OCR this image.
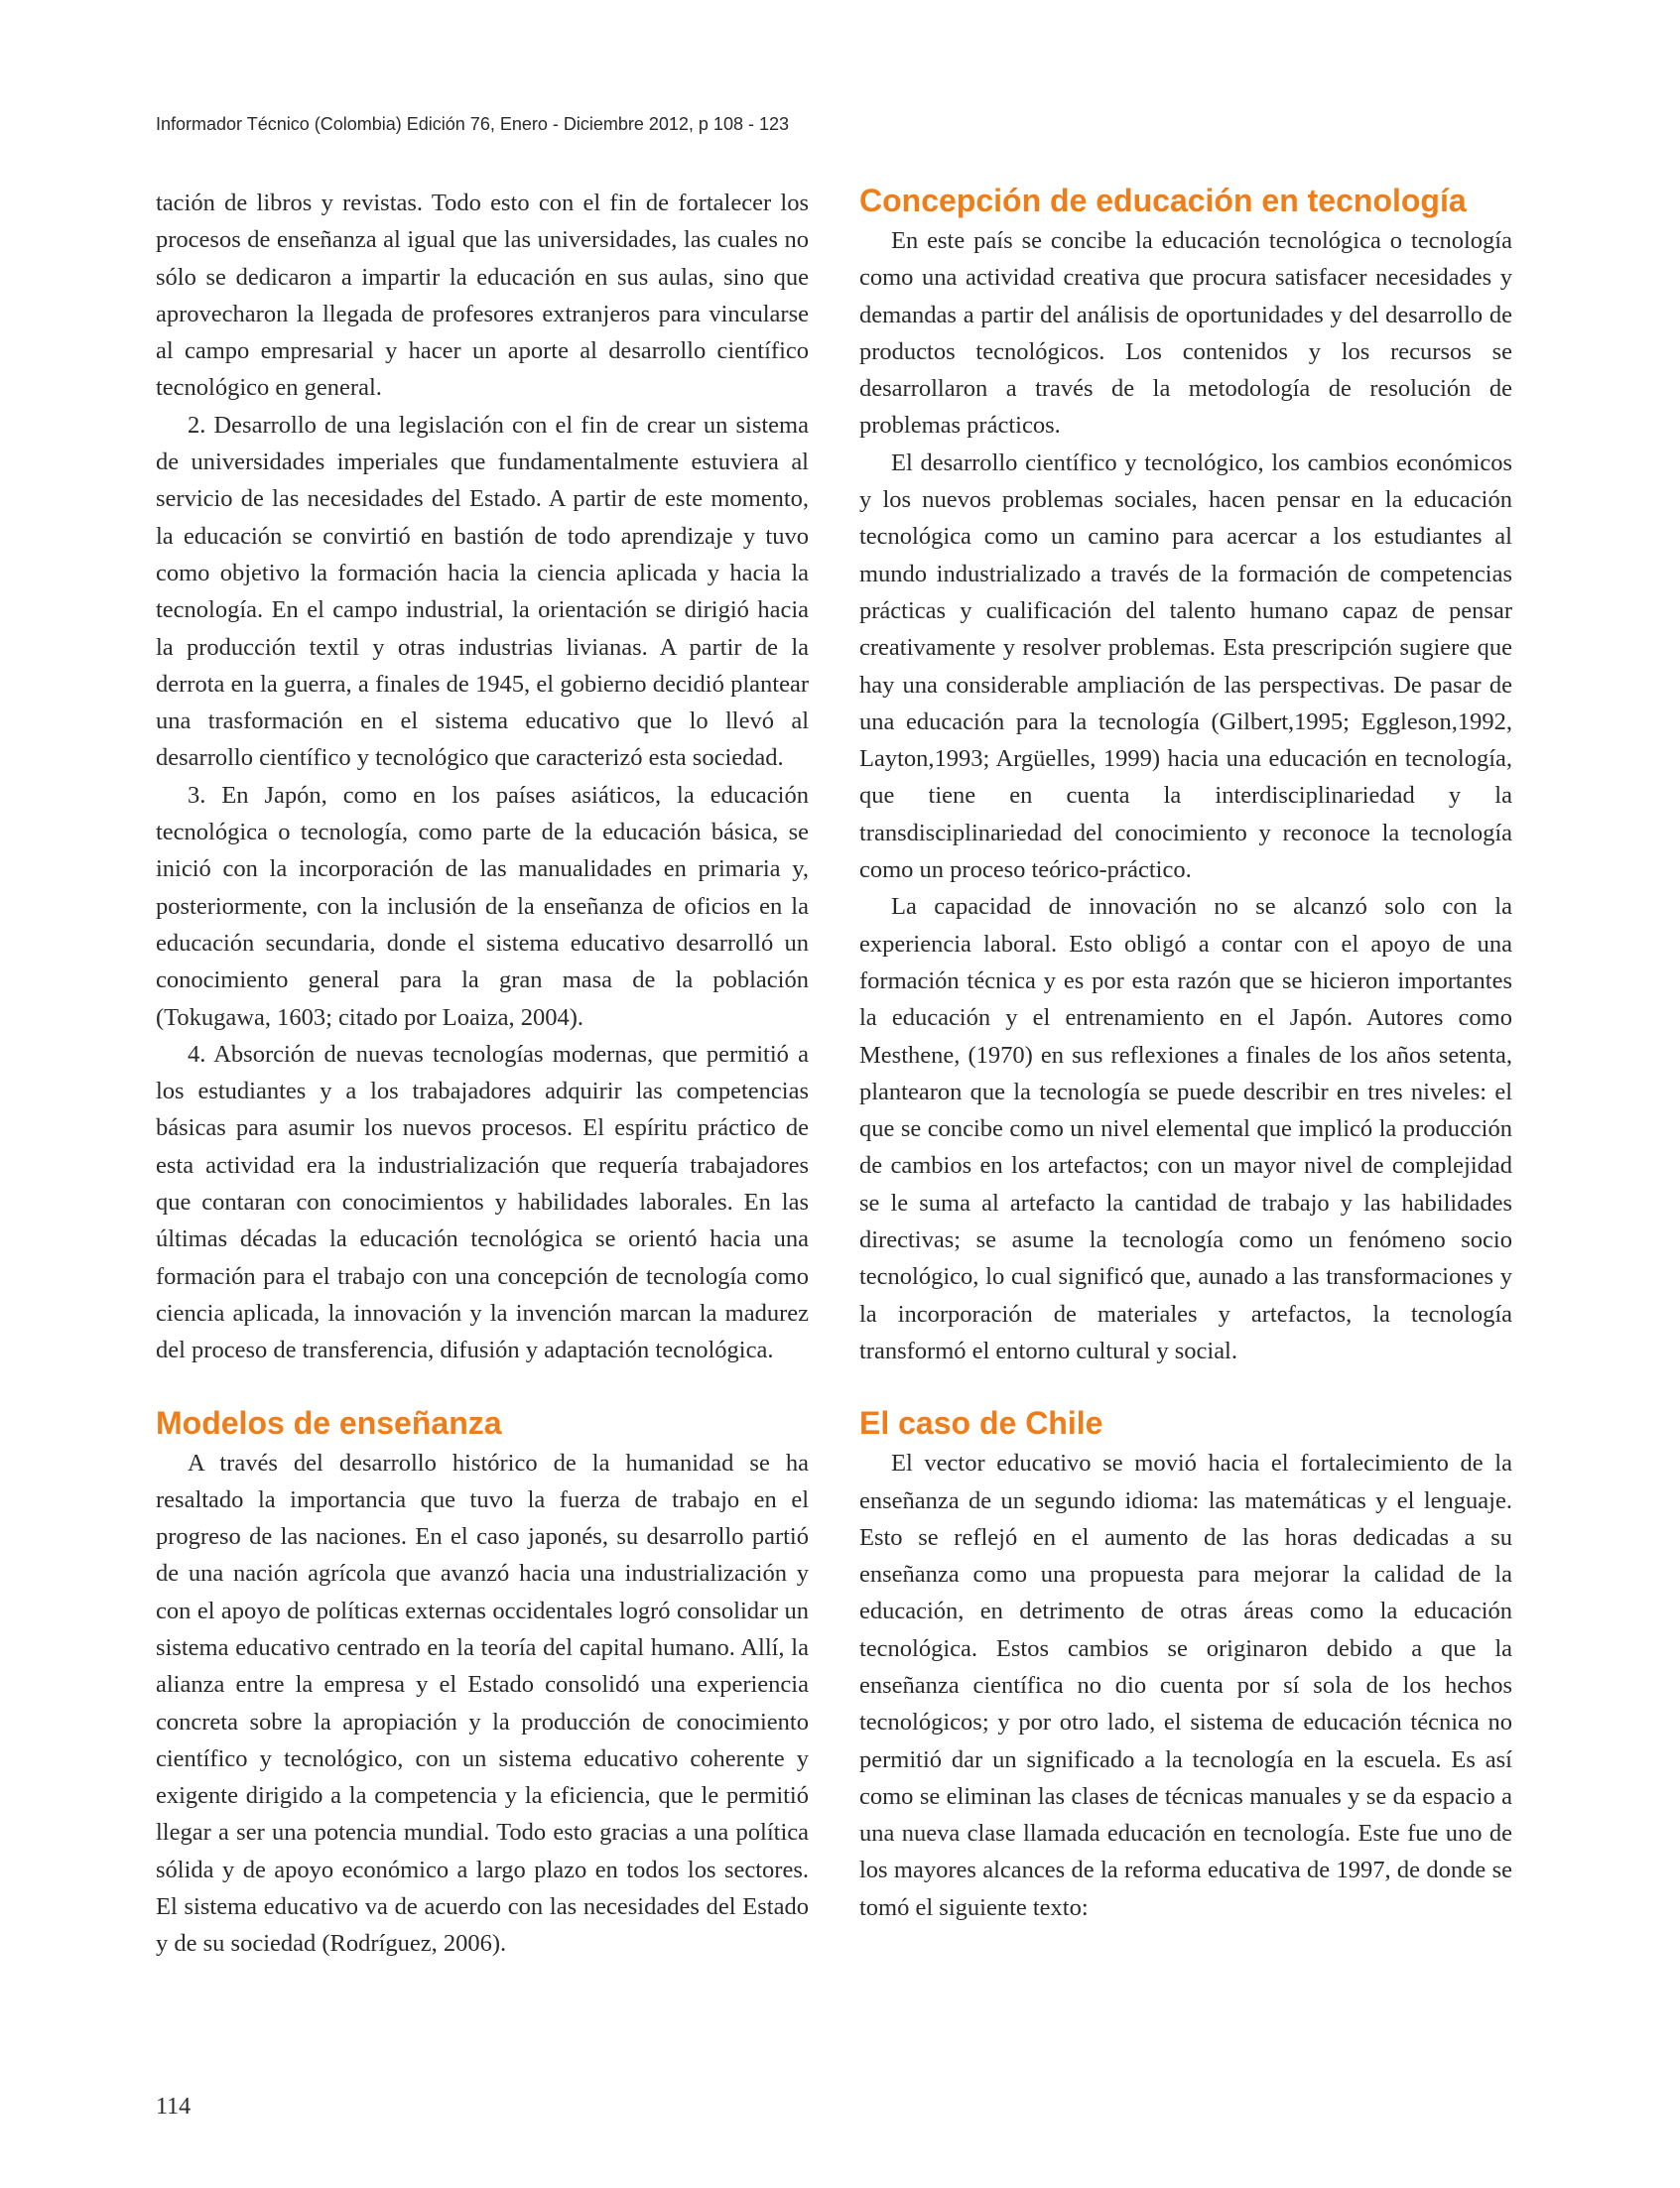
Informador Técnico (Colombia) Edición 76, Enero - Diciembre 2012, p 108 - 123

tación de libros y revistas. Todo esto con el fin de fortalecer los procesos de enseñanza al igual que las universidades, las cuales no sólo se dedicaron a impartir la educación en sus aulas, sino que aprovecharon la llegada de profesores extranjeros para vincularse al campo empresarial y hacer un aporte al desarrollo científico tecnológico en general.

2. Desarrollo de una legislación con el fin de crear un sistema de universidades imperiales que fundamentalmente estuviera al servicio de las necesidades del Estado. A partir de este momento, la educación se convirtió en bastión de todo aprendizaje y tuvo como objetivo la formación hacia la ciencia aplicada y hacia la tecnología. En el campo industrial, la orientación se dirigió hacia la producción textil y otras industrias livianas. A partir de la derrota en la guerra, a finales de 1945, el gobierno decidió plantear una trasformación en el sistema educativo que lo llevó al desarrollo científico y tecnológico que caracterizó esta sociedad.

3. En Japón, como en los países asiáticos, la educación tecnológica o tecnología, como parte de la educación básica, se inició con la incorporación de las manualidades en primaria y, posteriormente, con la inclusión de la enseñanza de oficios en la educación secundaria, donde el sistema educativo desarrolló un conocimiento general para la gran masa de la población (Tokugawa, 1603; citado por Loaiza, 2004).

4. Absorción de nuevas tecnologías modernas, que permitió a los estudiantes y a los trabajadores adquirir las competencias básicas para asumir los nuevos procesos. El espíritu práctico de esta actividad era la industrialización que requería trabajadores que contaran con conocimientos y habilidades laborales. En las últimas décadas la educación tecnológica se orientó hacia una formación para el trabajo con una concepción de tecnología como ciencia aplicada, la innovación y la invención marcan la madurez del proceso de transferencia, difusión y adaptación tecnológica.

Modelos de enseñanza

A través del desarrollo histórico de la humanidad se ha resaltado la importancia que tuvo la fuerza de trabajo en el progreso de las naciones. En el caso japonés, su desarrollo partió de una nación agrícola que avanzó hacia una industrialización y con el apoyo de políticas externas occidentales logró consolidar un sistema educativo centrado en la teoría del capital humano. Allí, la alianza entre la empresa y el Estado consolidó una experiencia concreta sobre la apropiación y la producción de conocimiento científico y tecnológico, con un sistema educativo coherente y exigente dirigido a la competencia y la eficiencia, que le permitió llegar a ser una potencia mundial. Todo esto gracias a una política sólida y de apoyo económico a largo plazo en todos los sectores. El sistema educativo va de acuerdo con las necesidades del Estado y de su sociedad (Rodríguez, 2006).

Concepción de educación en tecnología

En este país se concibe la educación tecnológica o tecnología como una actividad creativa que procura satisfacer necesidades y demandas a partir del análisis de oportunidades y del desarrollo de productos tecnológicos. Los contenidos y los recursos se desarrollaron a través de la metodología de resolución de problemas prácticos.

El desarrollo científico y tecnológico, los cambios económicos y los nuevos problemas sociales, hacen pensar en la educación tecnológica como un camino para acercar a los estudiantes al mundo industrializado a través de la formación de competencias prácticas y cualificación del talento humano capaz de pensar creativamente y resolver problemas. Esta prescripción sugiere que hay una considerable ampliación de las perspectivas. De pasar de una educación para la tecnología (Gilbert,1995; Eggleson,1992, Layton,1993; Argüelles, 1999) hacia una educación en tecnología, que tiene en cuenta la interdisciplinariedad y la transdisciplinariedad del conocimiento y reconoce la tecnología como un proceso teórico-práctico.

La capacidad de innovación no se alcanzó solo con la experiencia laboral. Esto obligó a contar con el apoyo de una formación técnica y es por esta razón que se hicieron importantes la educación y el entrenamiento en el Japón. Autores como Mesthene, (1970) en sus reflexiones a finales de los años setenta, plantearon que la tecnología se puede describir en tres niveles: el que se concibe como un nivel elemental que implicó la producción de cambios en los artefactos; con un mayor nivel de complejidad se le suma al artefacto la cantidad de trabajo y las habilidades directivas; se asume la tecnología como un fenómeno socio tecnológico, lo cual significó que, aunado a las transformaciones y la incorporación de materiales y artefactos, la tecnología transformó el entorno cultural y social.

El caso de Chile

El vector educativo se movió hacia el fortalecimiento de la enseñanza de un segundo idioma: las matemáticas y el lenguaje. Esto se reflejó en el aumento de las horas dedicadas a su enseñanza como una propuesta para mejorar la calidad de la educación, en detrimento de otras áreas como la educación tecnológica. Estos cambios se originaron debido a que la enseñanza científica no dio cuenta por sí sola de los hechos tecnológicos; y por otro lado, el sistema de educación técnica no permitió dar un significado a la tecnología en la escuela. Es así como se eliminan las clases de técnicas manuales y se da espacio a una nueva clase llamada educación en tecnología. Este fue uno de los mayores alcances de la reforma educativa de 1997, de donde se tomó el siguiente texto:

114
